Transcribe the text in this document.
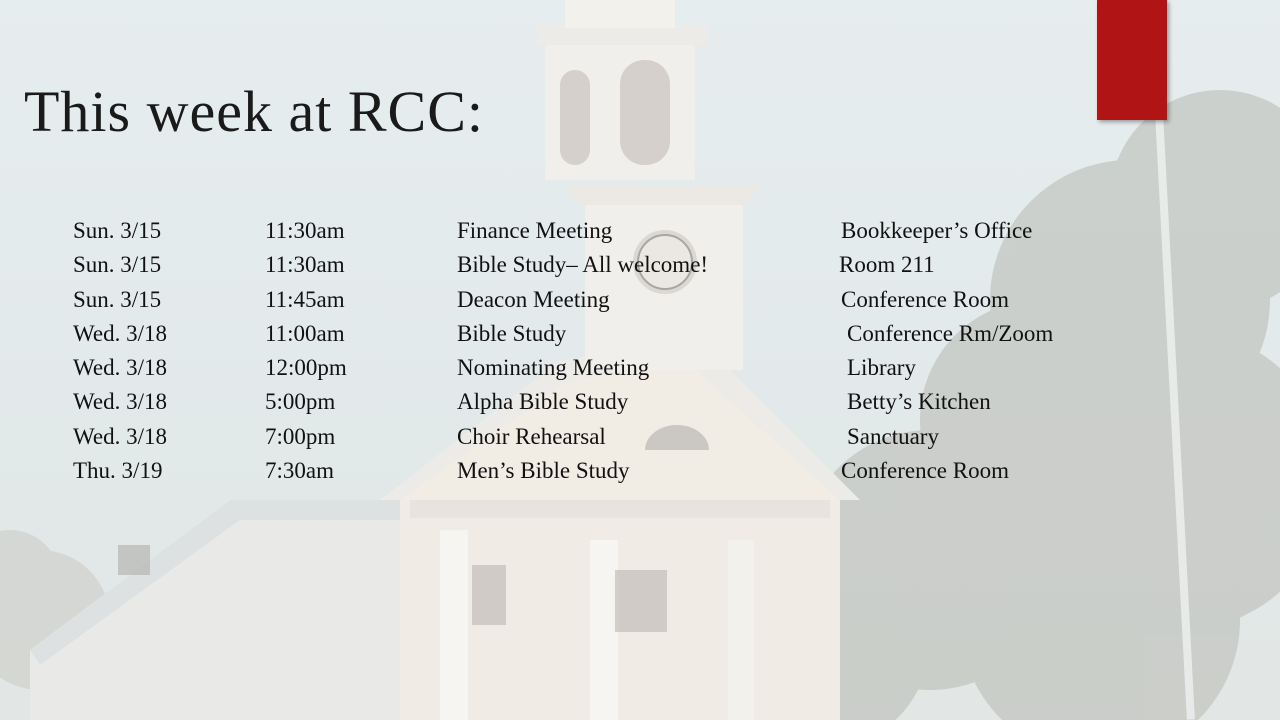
This week at RCC:
Sun. 3/15	11:30am	Finance Meeting	Bookkeeper’s Office
Sun. 3/15	11:30am	Bible Study– All welcome!	Room 211
Sun. 3/15	11:45am	Deacon Meeting	Conference Room
Wed. 3/18	11:00am	Bible Study	Conference Rm/Zoom
Wed. 3/18	12:00pm	Nominating Meeting	Library
Wed. 3/18	5:00pm	Alpha Bible Study	Betty’s Kitchen
Wed. 3/18	7:00pm	Choir Rehearsal	Sanctuary
Thu. 3/19	7:30am	Men’s Bible Study	Conference Room
